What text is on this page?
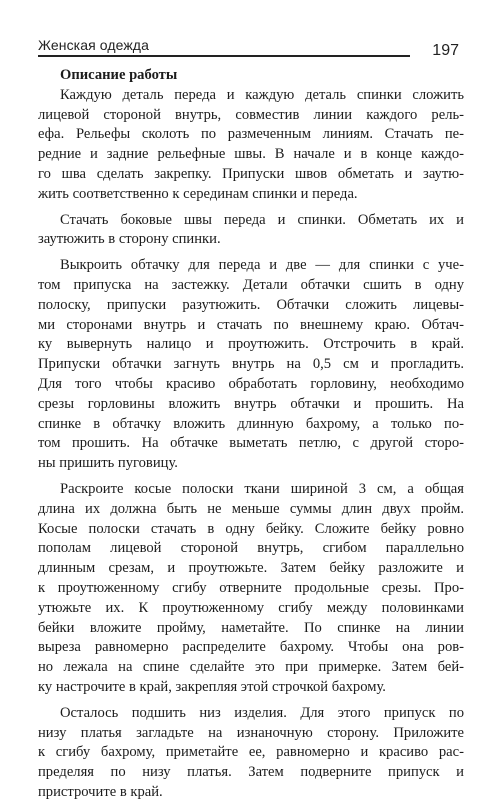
Женская одежда	197
Описание работы

Каждую деталь переда и каждую деталь спинки сложить
лицевой стороной внутрь, совместив линии каждого рель-
ефа. Рельефы сколоть по размеченным линиям. Стачать пе-
редние и задние рельефные швы. В начале и в конце каждо-
го шва сделать закрепку. Припуски швов обметать и заутю-
жить соответственно к серединам спинки и переда.

Стачать боковые швы переда и спинки. Обметать их и
заутюжить в сторону спинки.

Выкроить обтачку для переда и две — для спинки с уче-
том припуска на застежку. Детали обтачки сшить в одну
полоску, припуски разутюжить. Обтачки сложить лицевы-
ми сторонами внутрь и стачать по внешнему краю. Обтач-
ку вывернуть налицо и проутюжить. Отстрочить в край.
Припуски обтачки загнуть внутрь на 0,5 см и прогладить.
Для того чтобы красиво обработать горловину, необходимо
срезы горловины вложить внутрь обтачки и прошить. На
спинке в обтачку вложить длинную бахрому, а только по-
том прошить. На обтачке выметать петлю, с другой сторо-
ны пришить пуговицу.

Раскроите косые полоски ткани шириной 3 см, а общая
длина их должна быть не меньше суммы длин двух пройм.
Косые полоски стачать в одну бейку. Сложите бейку ровно
пополам лицевой стороной внутрь, сгибом параллельно
длинным срезам, и проутюжьте. Затем бейку разложите и
к проутюженному сгибу отверните продольные срезы. Про-
утюжьте их. К проутюженному сгибу между половинками
бейки вложите пройму, наметайте. По спинке на линии
выреза равномерно распределите бахрому. Чтобы она ров-
но лежала на спине сделайте это при примерке. Затем бей-
ку настрочите в край, закрепляя этой строчкой бахрому.

Осталось подшить низ изделия. Для этого припуск по
низу платья загладьте на изнаночную сторону. Приложите
к сгибу бахрому, приметайте ее, равномерно и красиво рас-
пределяя по низу платья. Затем подверните припуск и
пристрочите в край.
